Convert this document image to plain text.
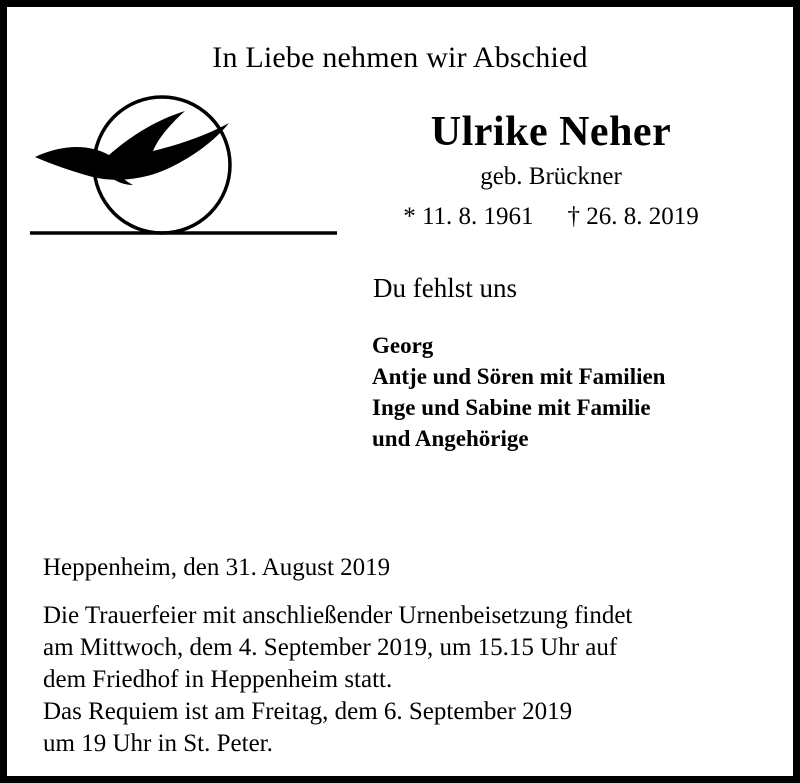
In Liebe nehmen wir Abschied
Ulrike Neher
geb. Brückner
* 11. 8. 1961 † 26. 8. 2019
Du fehlst uns
Georg
Antje und Sören mit Familien
Inge und Sabine mit Familie
und Angehörige
Heppenheim, den 31. August 2019
Die Trauerfeier mit anschließender Urnenbeisetzung findet
am Mittwoch, dem 4. September 2019, um 15.15 Uhr auf
dem Friedhof in Heppenheim statt.
Das Requiem ist am Freitag, dem 6. September 2019
um 19 Uhr in St. Peter.
